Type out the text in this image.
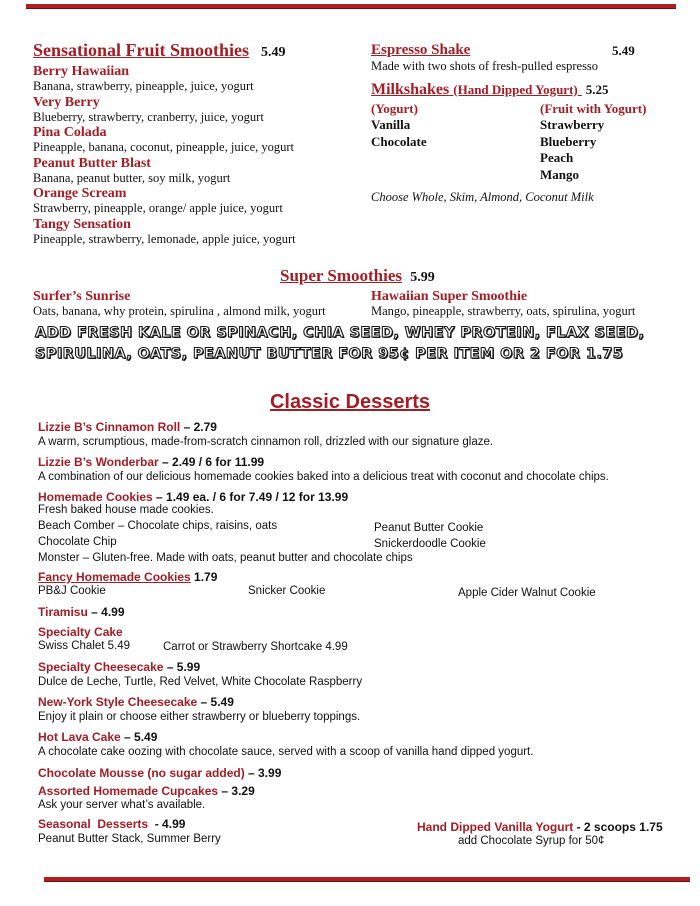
Sensational Fruit Smoothies 5.49
Berry Hawaiian
Banana, strawberry, pineapple, juice, yogurt
Very Berry
Blueberry, strawberry, cranberry, juice, yogurt
Pina Colada
Pineapple, banana, coconut, pineapple, juice, yogurt
Peanut Butter Blast
Banana, peanut butter, soy milk, yogurt
Orange Scream
Strawberry, pineapple, orange/ apple juice, yogurt
Tangy Sensation
Pineapple, strawberry, lemonade, apple juice, yogurt
Espresso Shake	5.49
Made with two shots of fresh-pulled espresso
Milkshakes (Hand Dipped Yogurt) 5.25
(Yogurt)
Vanilla
Chocolate
(Fruit with Yogurt)
Strawberry
Blueberry
Peach
Mango
Choose Whole, Skim, Almond, Coconut Milk
Super Smoothies 5.99
Surfer’s Sunrise
Oats, banana, why protein, spirulina , almond milk, yogurt
Hawaiian Super Smoothie
Mango, pineapple, strawberry, oats, spirulina, yogurt
ADD FRESH KALE OR SPINACH, CHIA SEED, WHEY PROTEIN, FLAX SEED,
SPIRULINA, OATS, PEANUT BUTTER FOR 95¢ PER ITEM OR 2 FOR 1.75
Classic Desserts
Lizzie B’s Cinnamon Roll – 2.79
A warm, scrumptious, made-from-scratch cinnamon roll, drizzled with our signature glaze.
Lizzie B’s Wonderbar – 2.49 / 6 for 11.99
A combination of our delicious homemade cookies baked into a delicious treat with coconut and chocolate chips.
Homemade Cookies – 1.49 ea. / 6 for 7.49 / 12 for 13.99
Fresh baked house made cookies.
Beach Comber – Chocolate chips, raisins, oats	Peanut Butter Cookie
Chocolate Chip	Snickerdoodle Cookie
Monster – Gluten-free. Made with oats, peanut butter and chocolate chips
Fancy Homemade Cookies 1.79
PB&J Cookie	Snicker Cookie	Apple Cider Walnut Cookie
Tiramisu – 4.99
Specialty Cake
Swiss Chalet 5.49	Carrot or Strawberry Shortcake 4.99
Specialty Cheesecake – 5.99
Dulce de Leche, Turtle, Red Velvet, White Chocolate Raspberry
New-York Style Cheesecake – 5.49
Enjoy it plain or choose either strawberry or blueberry toppings.
Hot Lava Cake – 5.49
A chocolate cake oozing with chocolate sauce, served with a scoop of vanilla hand dipped yogurt.
Chocolate Mousse (no sugar added) – 3.99
Assorted Homemade Cupcakes – 3.29
Ask your server what’s available.
Seasonal  Desserts  - 4.99
Peanut Butter Stack, Summer Berry
Hand Dipped Vanilla Yogurt - 2 scoops 1.75
add Chocolate Syrup for 50¢
